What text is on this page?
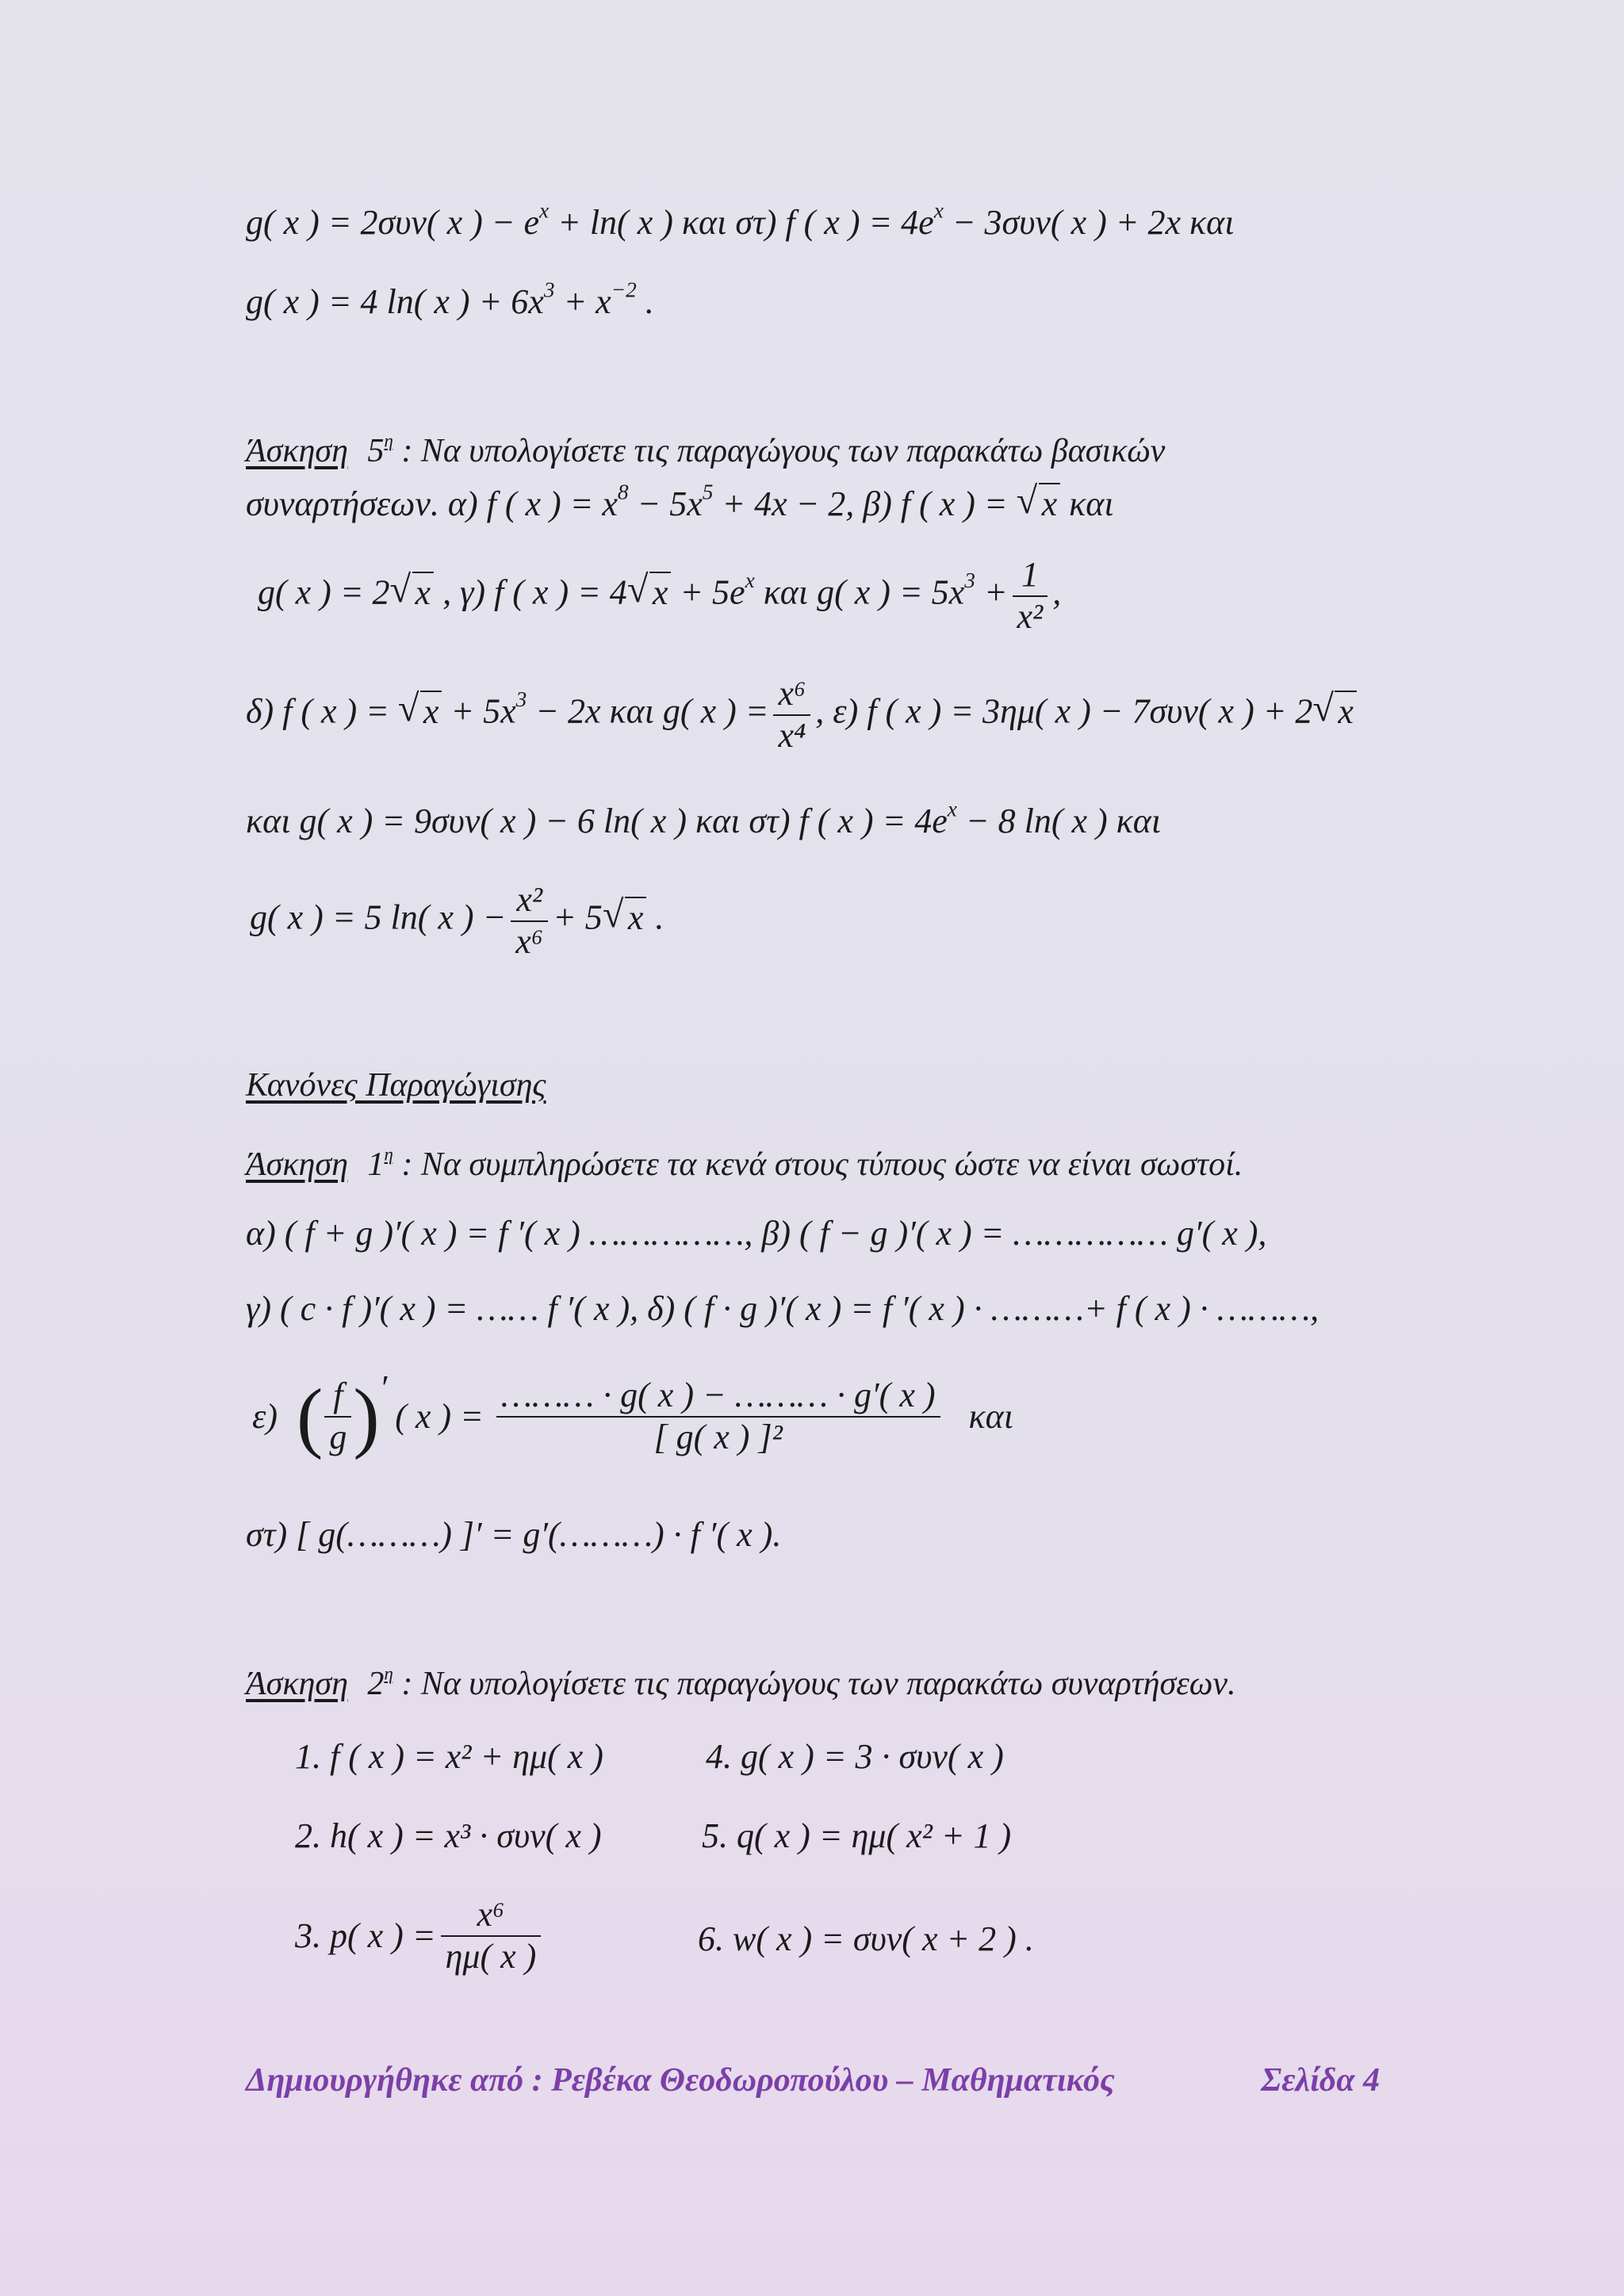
g( x ) = 2συν( x ) − $e^x + \ln$( x ) και στ) f ( x ) = $4e^x - 3\sigma\upsilon\nu$( x ) + 2x και
g( x ) = 4 ln( x ) + $6x^3 + x^{-2}$ .
Άσκηση $5^\eta$ : Να υπολογίσετε τις παραγώγους των παρακάτω βασικών
συναρτήσεων. α) f ( x ) = $x^8 - 5x^5 + 4x - 2$, β) f ( x ) = √ x και
g( x ) = 2√ x , γ) f ( x ) = 4√ $x + 5e^x$ και g( x ) = $5x^3 + \frac{1}{\text{x²}}$ ,
δ) f ( x ) = √ $x + 5x^3 - 2x$ και g( x ) = $\frac{\text{x⁶}}{\text{x⁴}}$ , ε) f ( x ) = 3ημ( x ) − 7συν( x ) + 2√ x
και g( x ) = 9συν( x ) − 6 ln( x ) και στ) f ( x ) = $4e^x - 8$ ln( x ) και
g( x ) = 5 ln( x ) − $\frac{\text{x²}}{\text{x⁶}} + 5√$ x .
Κανόνες Παραγώγισης
Άσκηση $1^\eta$ : Να συμπληρώσετε τα κενά στους τύπους ώστε να είναι σωστοί.
α) ( f + g )′( x ) = f ′( x ) ……………, β) ( f − g )′( x ) = …………… g′( x ),
γ) ( c · f )′( x ) = …… f ′( x ), δ) ( f · g )′( x ) = f ′( x ) · ………+ f ( x ) · ………,
ε) ( $\frac{f}{g}$ ) ′
( x ) = $\frac{\dots\dots\dots \cdot g( x ) - \dots\dots\dots \cdot g'( x )}{\text{[ g( x ) ]²}}$ και
στ) [ g(………) ]′ = g′(………) · f ′( x ).
Άσκηση $2^\eta$ : Να υπολογίσετε τις παραγώγους των παρακάτω συναρτήσεων.
1. f ( x ) = x² + ημ( x )
2. h( x ) = x³ · συν( x )
3. p( x ) = $\frac{\text{x⁶}}{\eta\mu( x )}$
4. g( x ) = 3 · συν( x )
5. q( x ) = ημ( x² + 1 )
6. w( x ) = συν( x + 2 ) .
Δημιουργήθηκε από : Ρεβέκα Θεοδωροπούλου – Μαθηματικός	Σελίδα 4
